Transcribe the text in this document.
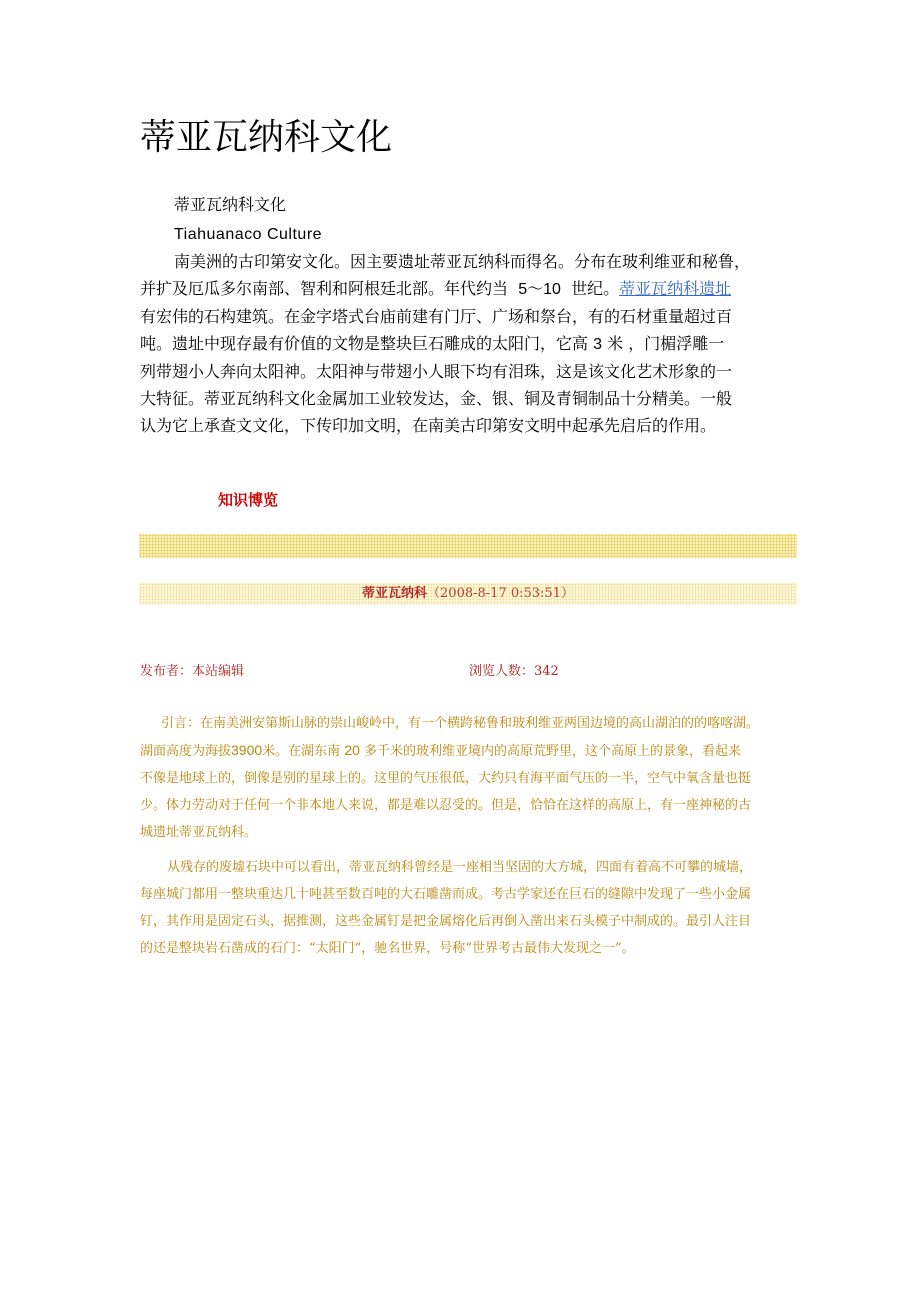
蒂亚瓦纳科文化
蒂亚瓦纳科文化
Tiahuanaco Culture
南美洲的古印第安文化。因主要遗址蒂亚瓦纳科而得名。分布在玻利维亚和秘鲁，
并扩及厄瓜多尔南部、智利和阿根廷北部。年代约当 5～10 世纪。蒂亚瓦纳科遗址
有宏伟的石构建筑。在金字塔式台庙前建有门厅、广场和祭台，有的石材重量超过百
吨。遗址中现存最有价值的文物是整块巨石雕成的太阳门，它高 3 米 ，门楣浮雕一
列带翅小人奔向太阳神。太阳神与带翅小人眼下均有泪珠，这是该文化艺术形象的一
大特征。蒂亚瓦纳科文化金属加工业较发达，金、银、铜及青铜制品十分精美。一般
认为它上承查文文化，下传印加文明，在南美古印第安文明中起承先启后的作用。
知识博览
蒂亚瓦纳科（2008-8-17 0:53:51）
发布者：本站编辑	浏览人数：342
引言：在南美洲安第斯山脉的崇山峻岭中，有一个横跨秘鲁和玻利维亚两国边境的高山湖泊的的喀喀湖。
湖面高度为海拔3900米。在湖东南 20 多千米的玻利维亚境内的高原荒野里，这个高原上的景象，看起来
不像是地球上的，倒像是别的星球上的。这里的气压很低，大约只有海平面气压的一半，空气中氧含量也挺
少。体力劳动对于任何一个非本地人来说，都是难以忍受的。但是，恰恰在这样的高原上，有一座神秘的古
城遗址蒂亚瓦纳科。
从残存的废墟石块中可以看出，蒂亚瓦纳科曾经是一座相当坚固的大方城，四面有着高不可攀的城墙，
每座城门都用一整块重达几十吨甚至数百吨的大石雕凿而成。考古学家还在巨石的缝隙中发现了一些小金属
钉，其作用是固定石头，据推测，这些金属钉是把金属熔化后再倒入凿出来石头模子中制成的。最引人注目
的还是整块岩石凿成的石门：“太阳门”，驰名世界，号称“世界考古最伟大发现之一”。
